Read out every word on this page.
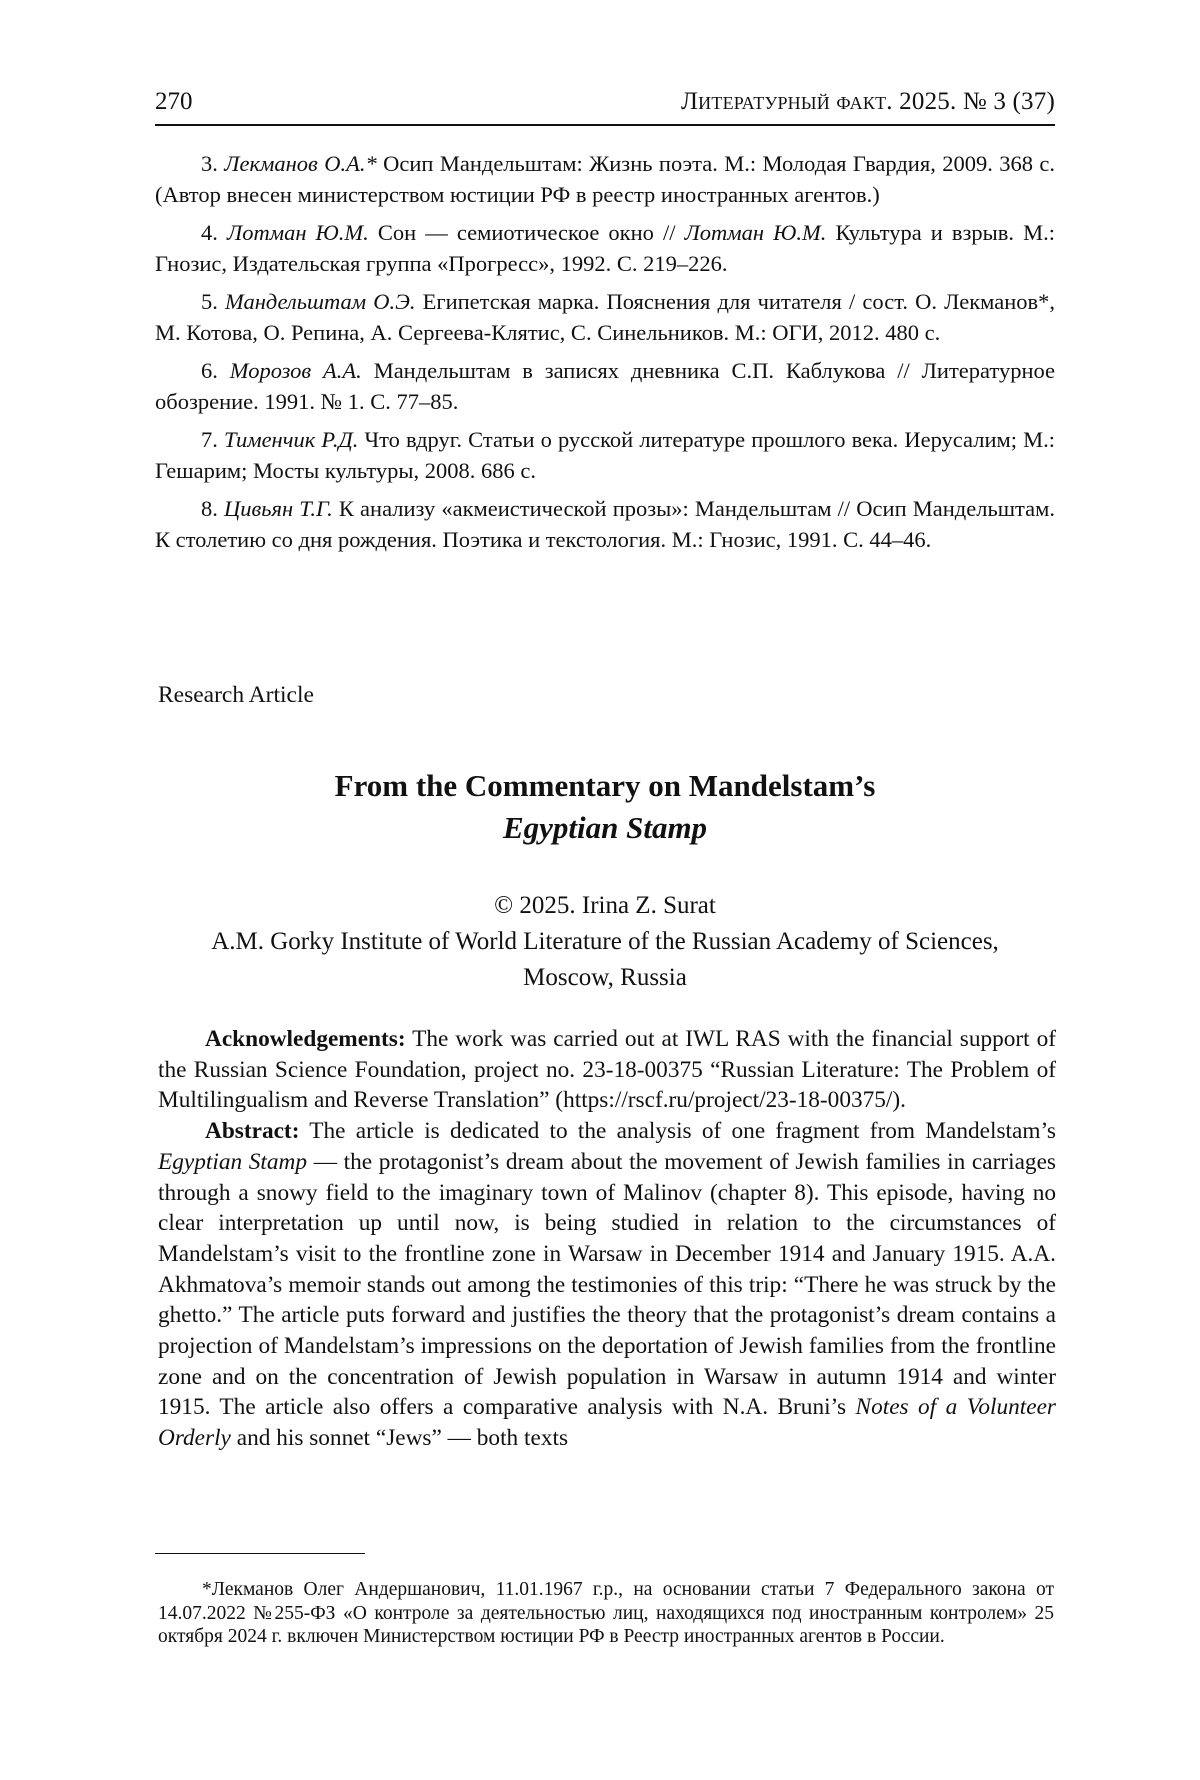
270	Литературный факт. 2025. № 3 (37)

3. Лекманов О.А.* Осип Мандельштам: Жизнь поэта. М.: Молодая Гвардия, 2009. 368 с. (Автор внесен министерством юстиции РФ в реестр иностранных агентов.)

4. Лотман Ю.М. Сон — семиотическое окно // Лотман Ю.М. Культура и взрыв. М.: Гнозис, Издательская группа «Прогресс», 1992. С. 219–226.

5. Мандельштам О.Э. Египетская марка. Пояснения для читателя / сост. О. Лекманов*, М. Котова, О. Репина, А. Сергеева-Клятис, С. Синельников. М.: ОГИ, 2012. 480 с.

6. Морозов А.А. Мандельштам в записях дневника С.П. Каблукова // Литературное обозрение. 1991. № 1. С. 77–85.

7. Тименчик Р.Д. Что вдруг. Статьи о русской литературе прошлого века. Иерусалим; М.: Гешарим; Мосты культуры, 2008. 686 с.

8. Цивьян Т.Г. К анализу «акмеистической прозы»: Мандельштам // Осип Мандельштам. К столетию со дня рождения. Поэтика и текстология. М.: Гнозис, 1991. С. 44–46.

Research Article
From the Commentary on Mandelstam’s
Egyptian Stamp
© 2025. Irina Z. Surat
A.M. Gorky Institute of World Literature of the Russian Academy of Sciences,
Moscow, Russia

Acknowledgements: The work was carried out at IWL RAS with the financial support of the Russian Science Foundation, project no. 23-18-00375 “Russian Literature: The Problem of Multilingualism and Reverse Translation” (https://rscf.ru/project/23-18-00375/).

Abstract: The article is dedicated to the analysis of one fragment from Mandelstam’s Egyptian Stamp — the protagonist’s dream about the movement of Jewish families in carriages through a snowy field to the imaginary town of Malinov (chapter 8). This episode, having no clear interpretation up until now, is being studied in relation to the circumstances of Mandelstam’s visit to the frontline zone in Warsaw in December 1914 and January 1915. A.A. Akhmatova’s memoir stands out among the testimonies of this trip: “There he was struck by the ghetto.” The article puts forward and justifies the theory that the protagonist’s dream contains a projection of Mandelstam’s impressions on the deportation of Jewish families from the frontline zone and on the concentration of Jewish population in Warsaw in autumn 1914 and winter 1915. The article also offers a comparative analysis with N.A. Bruni’s Notes of a Volunteer Orderly and his sonnet “Jews” — both texts

*Лекманов Олег Андершанович, 11.01.1967 г.р., на основании статьи 7 Федерального закона от 14.07.2022 №255-ФЗ «О контроле за деятельностью лиц, находящихся под иностранным контролем» 25 октября 2024 г. включен Министерством юстиции РФ в Реестр иностранных агентов в России.
